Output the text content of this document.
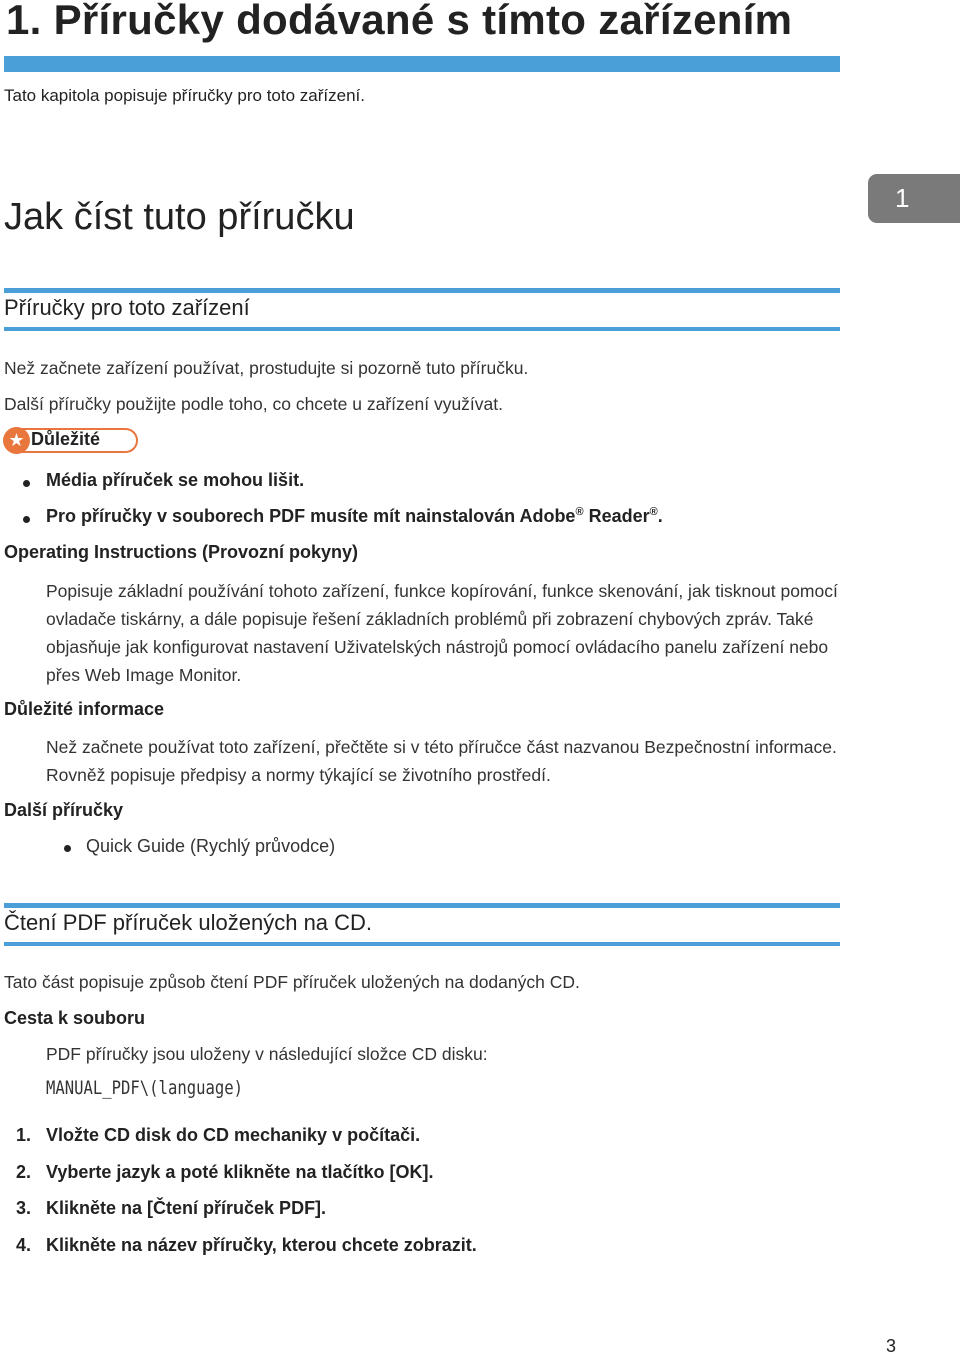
1. Příručky dodávané s tímto zařízením
Tato kapitola popisuje příručky pro toto zařízení.
1
Jak číst tuto příručku
Příručky pro toto zařízení
Než začnete zařízení používat, prostudujte si pozorně tuto příručku.
Další příručky použijte podle toho, co chcete u zařízení využívat.
★ Důležité
Média příruček se mohou lišit.
Pro příručky v souborech PDF musíte mít nainstalován Adobe® Reader®.
Operating Instructions (Provozní pokyny)
Popisuje základní používání tohoto zařízení, funkce kopírování, funkce skenování, jak tisknout pomocí ovladače tiskárny, a dále popisuje řešení základních problémů při zobrazení chybových zpráv. Také objasňuje jak konfigurovat nastavení Uživatelských nástrojů pomocí ovládacího panelu zařízení nebo přes Web Image Monitor.
Důležité informace
Než začnete používat toto zařízení, přečtěte si v této příručce část nazvanou Bezpečnostní informace. Rovněž popisuje předpisy a normy týkající se životního prostředí.
Další příručky
Quick Guide (Rychlý průvodce)
Čtení PDF příruček uložených na CD.
Tato část popisuje způsob čtení PDF příruček uložených na dodaných CD.
Cesta k souboru
PDF příručky jsou uloženy v následující složce CD disku:
MANUAL_PDF\(language)
1. Vložte CD disk do CD mechaniky v počítači.
2. Vyberte jazyk a poté klikněte na tlačítko [OK].
3. Klikněte na [Čtení příruček PDF].
4. Klikněte na název příručky, kterou chcete zobrazit.
3
